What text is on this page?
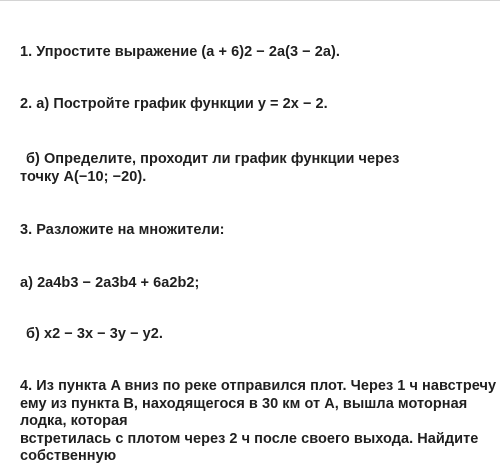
1. Упростите выражение (a + 6)2 − 2a(3 − 2a).
2. а) Постройте график функции y = 2x − 2.
б) Определите, проходит ли график функции через
точку A(−10; −20).
3. Разложите на множители:
а) 2a4b3 − 2a3b4 + 6a2b2;
б) x2 − 3x − 3y − y2.
4. Из пункта A вниз по реке отправился плот. Через 1 ч навстречу
ему из пункта B, находящегося в 30 км от A, вышла моторная
лодка, которая
встретилась с плотом через 2 ч после своего выхода. Найдите
собственную
